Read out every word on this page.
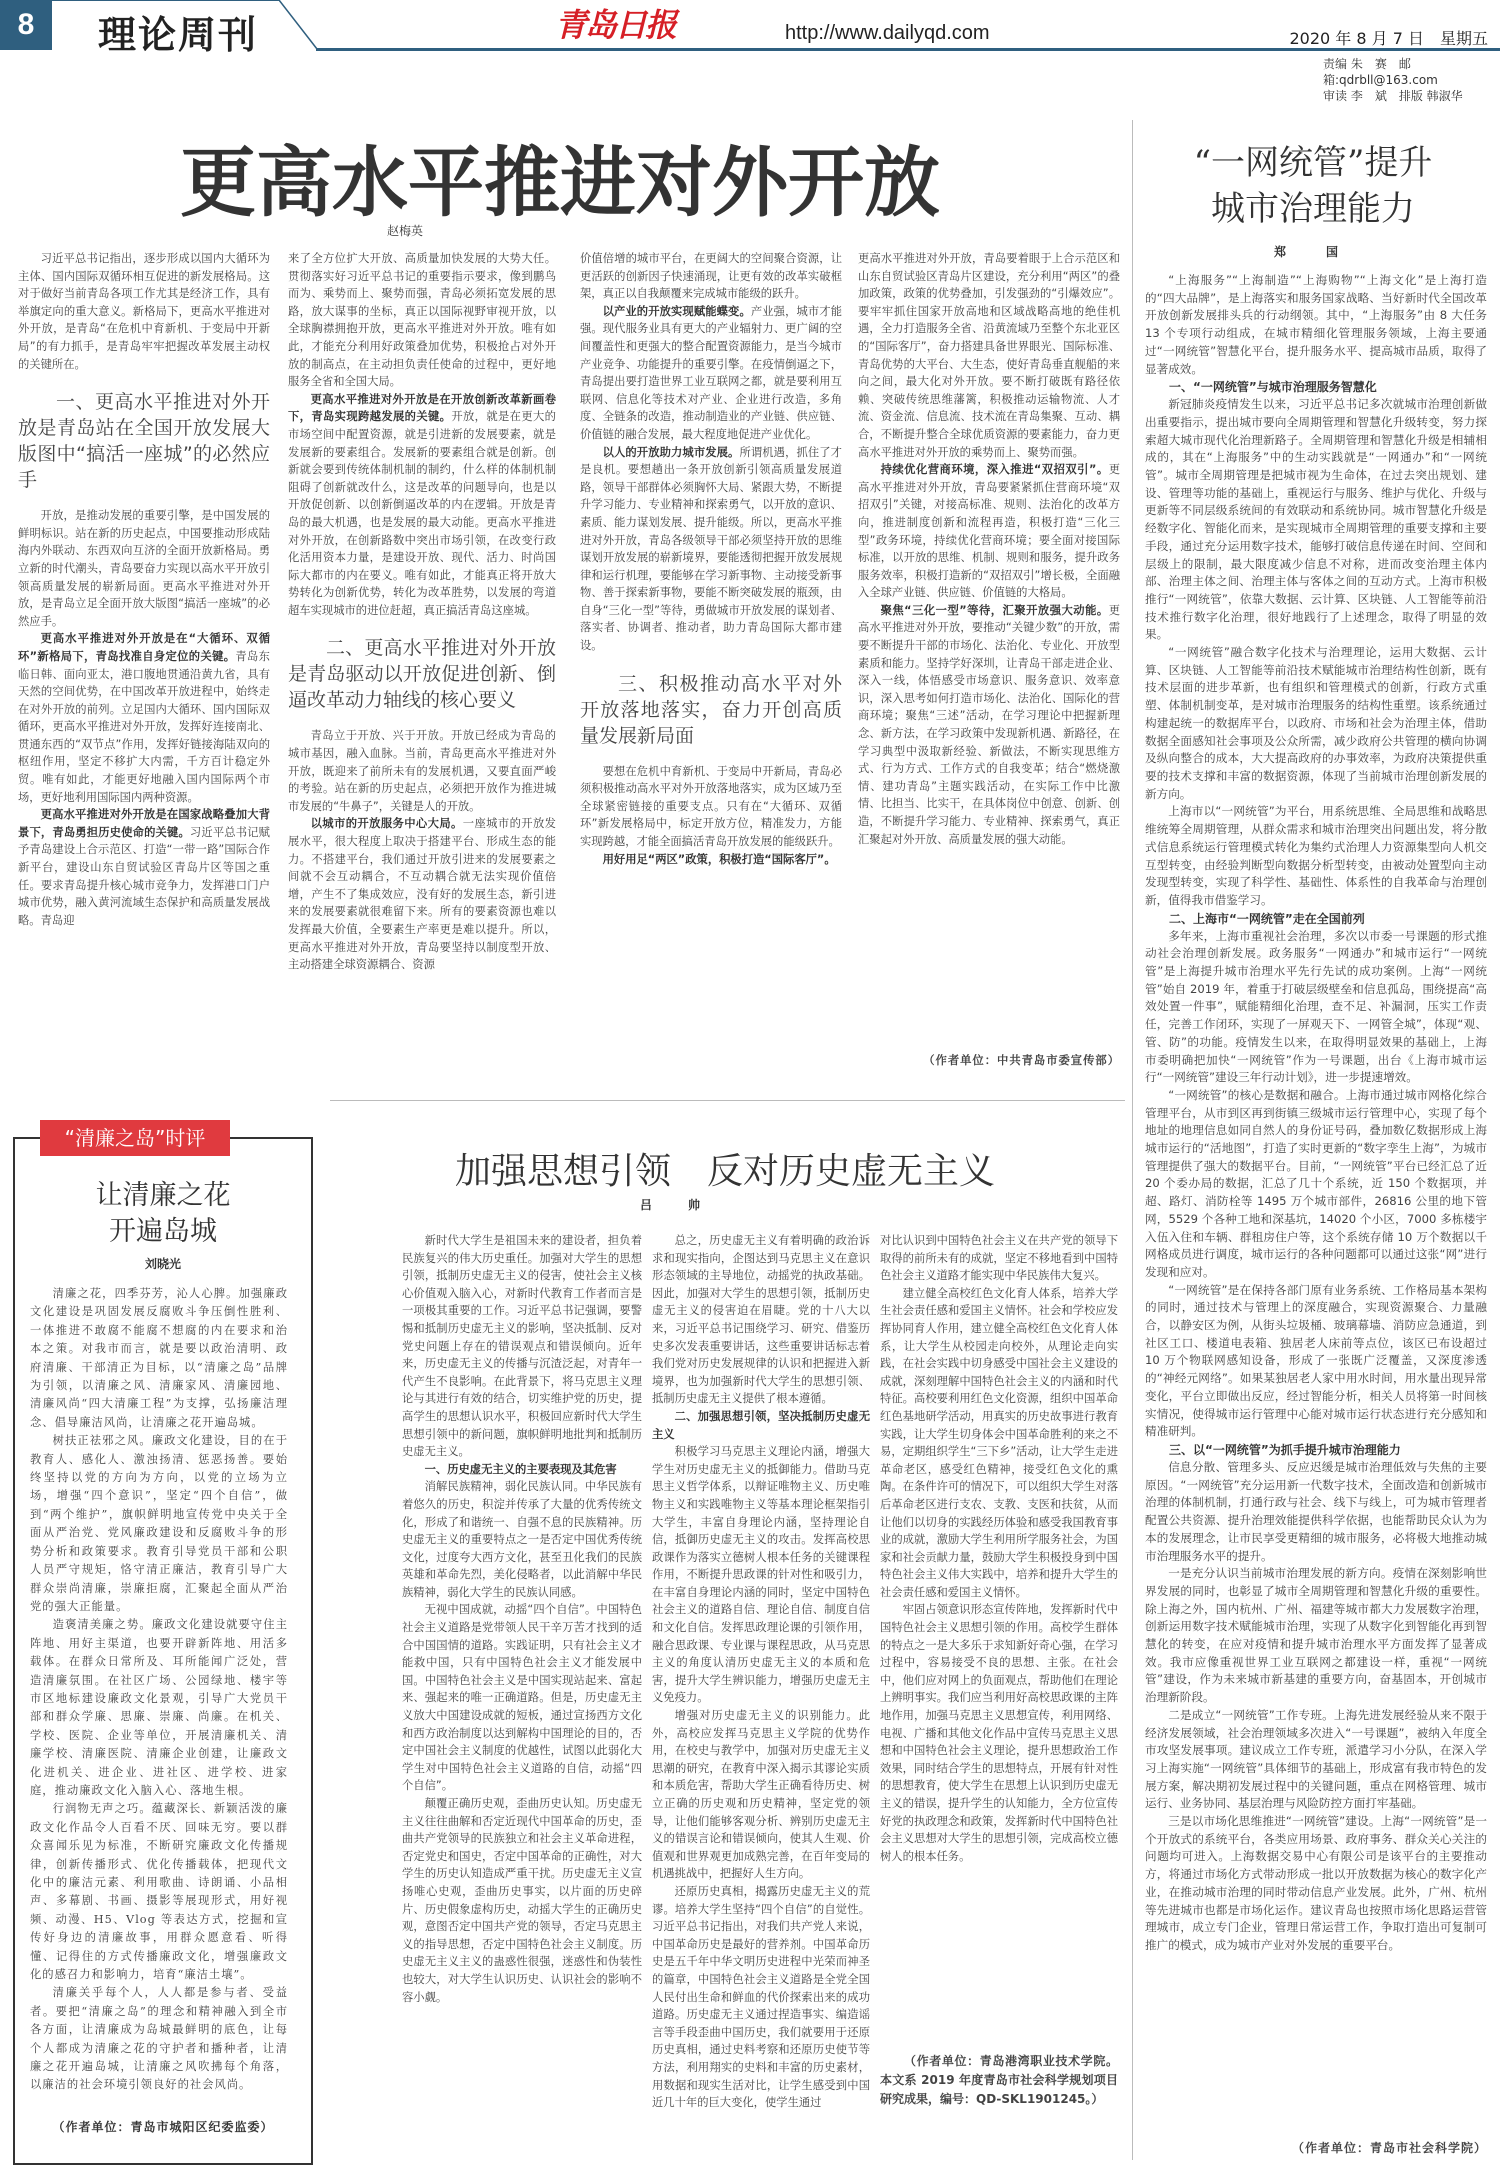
8	理论周刊	青岛日报	http://www.dailyqd.com	2020 年 8 月 7 日　星期五
责编 朱　赛　邮箱:qdrbll@163.com
审读 李　斌　排版 韩淑华
更高水平推进对外开放
赵梅英

习近平总书记指出，逐步形成以国内大循环为主体、国内国际双循环相互促进的新发展格局。这对于做好当前青岛各项工作尤其是经济工作，具有举旗定向的重大意义。新格局下，更高水平推进对外开放，是青岛“在危机中育新机、于变局中开新局”的有力抓手，是青岛牢牢把握改革发展主动权的关键所在。

一、更高水平推进对外开放是青岛站在全国开放发展大版图中“搞活一座城”的必然应手

开放，是推动发展的重要引擎，是中国发展的鲜明标识。站在新的历史起点，中国要推动形成陆海内外联动、东西双向互济的全面开放新格局。勇立新的时代潮头，青岛要奋力实现以高水平开放引领高质量发展的崭新局面。更高水平推进对外开放，是青岛立足全面开放大版图“搞活一座城”的必然应手。

更高水平推进对外开放是在“大循环、双循环”新格局下，青岛找准自身定位的关键。青岛东临日韩、面向亚太，港口腹地贯通沿黄九省，具有天然的空间优势，在中国改革开放进程中，始终走在对外开放的前列。立足国内大循环、国内国际双循环，更高水平推进对外开放，发挥好连接南北、贯通东西的“双节点”作用，发挥好链接海陆双向的枢纽作用，坚定不移扩大内需，千方百计稳定外贸。唯有如此，才能更好地融入国内国际两个市场，更好地利用国际国内两种资源。

更高水平推进对外开放是在国家战略叠加大背景下，青岛勇担历史使命的关键。习近平总书记赋予青岛建设上合示范区、打造“一带一路”国际合作新平台，建设山东自贸试验区青岛片区等国之重任。要求青岛提升核心城市竞争力，发挥港口门户城市优势，融入黄河流域生态保护和高质量发展战略。青岛迎

来了全方位扩大开放、高质量加快发展的大势大任。贯彻落实好习近平总书记的重要指示要求，像到鹏鸟而为、乘势而上、聚势而强，青岛必须拓宽发展的思路，放大谋事的坐标，真正以国际视野审视开放，以全球胸襟拥抱开放，更高水平推进对外开放。唯有如此，才能充分利用好政策叠加优势，积极抢占对外开放的制高点，在主动担负责任使命的过程中，更好地服务全省和全国大局。

更高水平推进对外开放是在开放创新改革新画卷下，青岛实现跨越发展的关键。开放，就是在更大的市场空间中配置资源，就是引进新的发展要素，就是发展新的要素组合。发展新的要素组合就是创新。创新就会要到传统体制机制的制约，什么样的体制机制阻碍了创新就改什么，这是改革的问题导向，也是以开放促创新、以创新倒逼改革的内在逻辑。开放是青岛的最大机遇，也是发展的最大动能。更高水平推进对外开放，在创新路数中突出市场引领，在改变行政化活用资本力量，是建设开放、现代、活力、时尚国际大都市的内在要义。唯有如此，才能真正将开放大势转化为创新优势，转化为改革胜势，以发展的弯道超车实现城市的进位赶超，真正搞活青岛这座城。

二、更高水平推进对外开放是青岛驱动以开放促进创新、倒逼改革动力轴线的核心要义

青岛立于开放、兴于开放。开放已经成为青岛的城市基因，融入血脉。当前，青岛更高水平推进对外开放，既迎来了前所未有的发展机遇，又要直面严峻的考验。站在新的历史起点，必须把开放作为推进城市发展的“牛鼻子”，关键是人的开放。

以城市的开放服务中心大局。一座城市的开放发展水平，很大程度上取决于搭建平台、形成生态的能力。不搭建平台，我们通过开放引进来的发展要素之间就不会互动耦合，不互动耦合就无法实现价值倍增，产生不了集成效应，没有好的发展生态，新引进来的发展要素就很难留下来。所有的要素资源也难以发挥最大价值，全要素生产率更是难以提升。所以，更高水平推进对外开放，青岛要坚持以制度型开放、主动搭建全球资源耦合、资源

价值倍增的城市平台，在更阔大的空间聚合资源，让更活跃的创新因子快速涌现，让更有效的改革实破框架，真正以自我颠覆来完成城市能级的跃升。

以产业的开放实现赋能蝶变。产业强，城市才能强。现代服务业具有更大的产业辐射力、更广阔的空间覆盖性和更强大的整合配置资源能力，是当今城市产业竞争、功能提升的重要引擎。在疫情倒逼之下，青岛提出要打造世界工业互联网之都，就是要利用互联网、信息化等技术对产业、企业进行改造，多角度、全链条的改造，推动制造业的产业链、供应链、价值链的融合发展，最大程度地促进产业优化。

以人的开放助力城市发展。所谓机遇，抓住了才是良机。要想趟出一条开放创新引领高质量发展道路，领导干部群体必须胸怀大局、紧跟大势，不断提升学习能力、专业精神和探索勇气，以开放的意识、素质、能力谋划发展、提升能级。所以，更高水平推进对外开放，青岛各级领导干部必须坚持开放的思维谋划开放发展的崭新境界，要能透彻把握开放发展规律和运行机理，要能够在学习新事物、主动接受新事物、善于探索新事物，要能不断突破发展的瓶颈，由自身“三化一型”等待，勇做城市开放发展的谋划者、落实者、协调者、推动者，助力青岛国际大都市建设。

三、积极推动高水平对外开放落地落实，奋力开创高质量发展新局面

要想在危机中育新机、于变局中开新局，青岛必须积极推动高水平对外开放落地落实，成为区域乃至全球紧密链接的重要支点。只有在“大循环、双循环”新发展格局中，标定开放方位，精准发力，方能实现跨越，才能全面搞活青岛开放发展的能级跃升。

用好用足“两区”政策，积极打造“国际客厅”。

更高水平推进对外开放，青岛要着眼于上合示范区和山东自贸试验区青岛片区建设，充分利用“两区”的叠加政策，政策的优势叠加，引发强劲的“引爆效应”。要牢牢抓住国家开放高地和区域战略高地的绝佳机遇，全力打造服务全省、沿黄流域乃至整个东北亚区的“国际客厅”，奋力搭建具备世界眼光、国际标准、青岛优势的大平台、大生态，使好青岛垂直舰船的来向之间，最大化对外开放。要不断打破既有路径依赖、突破传统思维藩篱，积极推动运输物流、人才流、资金流、信息流、技术流在青岛集聚、互动、耦合，不断提升整合全球优质资源的要素能力，奋力更高水平推进对外开放的乘势而上、聚势而强。

持续优化营商环境，深入推进“双招双引”。更高水平推进对外开放，青岛要紧紧抓住营商环境“双招双引”关键，对接高标准、规则、法治化的改革方向，推进制度创新和流程再造，积极打造“三化三型”政务环境，持续优化营商环境；要全面对接国际标准，以开放的思维、机制、规则和服务，提升政务服务效率，积极打造新的“双招双引”增长极，全面融入全球产业链、供应链、价值链的大格局。

聚焦“三化一型”等待，汇聚开放强大动能。更高水平推进对外开放，要推动“关键少数”的开放，需要不断提升干部的市场化、法治化、专业化、开放型素质和能力。坚持学好深圳，让青岛干部走进企业、深入一线，体悟感受市场意识、服务意识、效率意识，深入思考如何打造市场化、法治化、国际化的营商环境；聚焦“三述”活动，在学习理论中把握新理念、新方法，在学习政策中发现新机遇、新路径，在学习典型中汲取新经验、新做法，不断实现思维方式、行为方式、工作方式的自我变革；结合“燃烧激情、建功青岛”主题实践活动，在实际工作中比激情、比担当、比实干，在具体岗位中创意、创新、创造，不断提升学习能力、专业精神、探索勇气，真正汇聚起对外开放、高质量发展的强大动能。

（作者单位：中共青岛市委宣传部）
“一网统管”提升
城市治理能力
郑　国

“上海服务”“上海制造”“上海购物”“上海文化”是上海打造的“四大品牌”，是上海落实和服务国家战略、当好新时代全国改革开放创新发展排头兵的行动纲领。其中，“上海服务”由 8 大任务 13 个专项行动组成，在城市精细化管理服务领域，上海主要通过“一网统管”智慧化平台，提升服务水平、提高城市品质，取得了显著成效。

一、“一网统管”与城市治理服务智慧化

新冠肺炎疫情发生以来，习近平总书记多次就城市治理创新做出重要指示，提出城市要向全周期管理和智慧化升级转变，努力探索超大城市现代化治理新路子。全周期管理和智慧化升级是相辅相成的，其在“上海服务”中的生动实践就是“一网通办”和“一网统管”。城市全周期管理是把城市视为生命体，在过去突出规划、建设、管理等功能的基础上，重视运行与服务、维护与优化、升级与更新等不同层级系统间的有效联动和系统协同。城市智慧化升级是经数字化、智能化而来，是实现城市全周期管理的重要支撑和主要手段，通过充分运用数字技术，能够打破信息传递在时间、空间和层级上的限制，最大限度减少信息不对称，进而改变治理主体内部、治理主体之间、治理主体与客体之间的互动方式。上海市积极推行“一网统管”，依靠大数据、云计算、区块链、人工智能等前沿技术推行数字化治理，很好地践行了上述理念，取得了明显的效果。

“一网统管”融合数字化技术与治理理论，运用大数据、云计算、区块链、人工智能等前沿技术赋能城市治理结构性创新，既有技术层面的进步革新，也有组织和管理模式的创新，行政方式重塑、体制机制变革，是对城市治理服务的结构性重塑。该系统通过构建起统一的数据库平台，以政府、市场和社会为治理主体，借助数据全面感知社会事项及公众所需，减少政府公共管理的横向协调及纵向整合的成本，大大提高政府的办事效率，为政府决策提供重要的技术支撑和丰富的数据资源，体现了当前城市治理创新发展的新方向。

上海市以“一网统管”为平台，用系统思维、全局思维和战略思维统筹全周期管理，从群众需求和城市治理突出问题出发，将分散式信息系统运行管理模式转化为集约式治理人力资源集型向人机交互型转变，由经验判断型向数据分析型转变，由被动处置型向主动发现型转变，实现了科学性、基础性、体系性的自我革命与治理创新，值得我市借鉴学习。

二、上海市“一网统管”走在全国前列

多年来，上海市重视社会治理，多次以市委一号课题的形式推动社会治理创新发展。政务服务“一网通办”和城市运行“一网统管”是上海提升城市治理水平先行先试的成功案例。上海“一网统管”始自 2019 年，着重于打破层级壁垒和信息孤岛，围绕提高“高效处置一件事”，赋能精细化治理，查不足、补漏洞，压实工作责任，完善工作闭环，实现了一屏观天下、一网管全城”，体现“观、管、防”的功能。疫情发生以来，在取得明显效果的基础上，上海市委明确把加快“一网统管”作为一号课题，出台《上海市城市运行“一网统管”建设三年行动计划》，进一步提速增效。

“一网统管”的核心是数据和融合。上海市通过城市网格化综合管理平台，从市到区再到街镇三级城市运行管理中心，实现了每个地址的地理信息如同自然人的身份证号码，叠加数亿数据形成上海城市运行的“活地图”，打造了实时更新的“数字孪生上海”，为城市管理提供了强大的数据平台。目前，“一网统管”平台已经汇总了近 20 个委办局的数据，汇总了几十个系统，近 150 个数据项，并超、路灯、消防栓等 1495 万个城市部件，26816 公里的地下管网，5529 个各种工地和深基坑，14020 个小区，7000 多栋楼宇入伍入住和车辆、群租房住户等，这个系统存储 10 万个数据以千网格成员进行调度，城市运行的各种问题都可以通过这张“网”进行发现和应对。

“一网统管”是在保持各部门原有业务系统、工作格局基本架构的同时，通过技术与管理上的深度融合，实现资源聚合、力量融合，以静安区为例，从街头垃圾桶、玻璃幕墙、消防应急通道，到社区工口、楼道电表箱、独居老人床前等点位，该区已布设超过 10 万个物联网感知设备，形成了一张既广泛覆盖，又深度渗透的“神经元网络”。如果某独居老人家中用水时间，用水量出现异常变化，平台立即做出反应，经过智能分析，相关人员将第一时间核实情况，使得城市运行管理中心能对城市运行状态进行充分感知和精准研判。

三、以“一网统管”为抓手提升城市治理能力

信息分散、管理多头、反应迟缓是城市治理低效与失焦的主要原因。“一网统管”充分运用新一代数字技术，全面改造和创新城市治理的体制机制，打通行政与社会、线下与线上，可为城市管理者配置公共资源、提升治理效能提供科学依据，也能帮助民众认为为本的发展理念，让市民享受更精细的城市服务，必将极大地推动城市治理服务水平的提升。

一是充分认识当前城市治理发展的新方向。疫情在深刻影响世界发展的同时，也彰显了城市全周期管理和智慧化升级的重要性。除上海之外，国内杭州、广州、福建等城市都大力发展数字治理，创新运用数字技术赋能城市治理，实现了从数字化到智能化再到智慧化的转变，在应对疫情和提升城市治理水平方面发挥了显著成效。我市应像重视世界工业互联网之都建设一样，重视“一网统管”建设，作为未来城市新基建的重要方向，奋基固本，开创城市治理新阶段。

二是成立“一网统管”工作专班。上海先进发展经验从来不限于经济发展领域，社会治理领域多次进入“一号课题”，被纳入年度全市攻坚发展事项。建议成立工作专班，派遣学习小分队，在深入学习上海实施“一网统管”具体细节的基础上，形成富有我市特色的发展方案，解决期初发展过程中的关键问题，重点在网格管理、城市运行、业务协同、基层治理与风险防控方面打牢基础。

三是以市场化思维推进“一网统管”建设。上海“一网统管”是一个开放式的系统平台，各类应用场景、政府事务、群众关心关注的问题均可进入。上海数据交易中心有限公司是该平台的主要推动方，将通过市场化方式带动形成一批以开放数据为核心的数字化产业，在推动城市治理的同时带动信息产业发展。此外，广州、杭州等先进城市也都是市场化运作。建议青岛也按照市场化思路运营管理城市，成立专门企业，管理日常运营工作，争取打造出可复制可推广的模式，成为城市产业对外发展的重要平台。

（作者单位：青岛市社会科学院）
“清廉之岛”时评
让清廉之花
开遍岛城
刘晓光

清廉之花，四季芬芳，沁人心脾。加强廉政文化建设是巩固发展反腐败斗争压倒性胜利、一体推进不敢腐不能腐不想腐的内在要求和治本之策。对我市而言，就是要以政治清明、政府清廉、干部清正为目标，以“清廉之岛”品牌为引领，以清廉之风、清廉家风、清廉园地、清廉风尚“四大清廉工程”为支撑，弘扬廉洁理念、倡导廉洁风尚，让清廉之花开遍岛城。

树扶正祛邪之风。廉政文化建设，目的在于教育人、感化人、激浊扬清、惩恶扬善。要始终坚持以党的方向为方向，以党的立场为立场，增强“四个意识”，坚定“四个自信”，做到“两个维护”，旗帜鲜明地宣传党中央关于全面从严治党、党风廉政建设和反腐败斗争的形势分析和政策要求。教育引导党员干部和公职人员严守规矩，恪守清正廉洁，教育引导广大群众崇尚清廉，崇廉拒腐，汇聚起全面从严治党的强大正能量。

造褒清美廉之势。廉政文化建设就要守住主阵地、用好主渠道，也要开辟新阵地、用活多载体。在群众日常所及、耳所能闻广泛处，营造清廉氛围。在社区广场、公园绿地、楼宇等市区地标建设廉政文化景观，引导广大党员干部和群众学廉、思廉、崇廉、尚廉。在机关、学校、医院、企业等单位，开展清廉机关、清廉学校、清廉医院、清廉企业创建，让廉政文化进机关、进企业、进社区、进学校、进家庭，推动廉政文化入脑入心、落地生根。

行润物无声之巧。蕴藏深长、新颖活泼的廉政文化作品令人百看不厌、回味无穷。要以群众喜闻乐见为标准，不断研究廉政文化传播规律，创新传播形式、优化传播载体，把现代文化中的廉洁元素、利用歌曲、诗朗诵、小品相声、多幕剧、书画、摄影等展现形式，用好视频、动漫、H5、Vlog 等表达方式，挖掘和宣传好身边的清廉故事，用群众愿意看、听得懂、记得住的方式传播廉政文化，增强廉政文化的感召力和影响力，培育“廉洁土壤”。

清廉关乎每个人，人人都是参与者、受益者。要把“清廉之岛”的理念和精神融入到全市各方面，让清廉成为岛城最鲜明的底色，让每个人都成为清廉之花的守护者和播种者，让清廉之花开遍岛城，让清廉之风吹拂每个角落，以廉洁的社会环境引领良好的社会风尚。

（作者单位：青岛市城阳区纪委监委）
加强思想引领　反对历史虚无主义
吕　帅

新时代大学生是祖国未来的建设者，担负着民族复兴的伟大历史重任。加强对大学生的思想引领，抵制历史虚无主义的侵害，使社会主义核心价值观入脑入心，对新时代教育工作者而言是一项极其重要的工作。习近平总书记强调，要警惕和抵制历史虚无主义的影响，坚决抵制、反对党史问题上存在的错误观点和错误倾向。近年来，历史虚无主义的传播与沉渣泛起，对青年一代产生不良影响。在此背景下，将马克思主义理论与其进行有效的结合，切实维护党的历史，提高学生的思想认识水平，积极回应新时代大学生思想引领中的新问题，旗帜鲜明地批判和抵制历史虚无主义。

一、历史虚无主义的主要表现及其危害

消解民族精神，弱化民族认同。中华民族有着悠久的历史，积淀并传承了大量的优秀传统文化，形成了和谐统一、自强不息的民族精神。历史虚无主义的重要特点之一是否定中国优秀传统文化，过度夸大西方文化，甚至丑化我们的民族英雄和革命先烈，美化侵略者，以此消解中华民族精神，弱化大学生的民族认同感。

无视中国成就，动摇“四个自信”。中国特色社会主义道路是党带领人民干辛万苦才找到的适合中国国情的道路。实践证明，只有社会主义才能救中国，只有中国特色社会主义才能发展中国。中国特色社会主义是中国实现站起来、富起来、强起来的唯一正确道路。但是，历史虚无主义放大中国建设成就的短板，通过宣扬西方文化和西方政治制度以达到解构中国理论的目的，否定中国社会主义制度的优越性，试图以此弱化大学生对中国特色社会主义道路的自信，动摇“四个自信”。

颠覆正确历史观，歪曲历史认知。历史虚无主义往往曲解和否定近现代中国革命的历史，歪曲共产党领导的民族独立和社会主义革命进程，否定党史和国史，否定中国革命的正确性，对大学生的历史认知造成严重干扰。历史虚无主义宣扬唯心史观，歪曲历史事实，以片面的历史碎片、历史假象虚构历史，动摇大学生的正确历史观，意图否定中国共产党的领导，否定马克思主义的指导思想，否定中国特色社会主义制度。历史虚无主义主义的蛊惑性很强，迷惑性和伪装性也较大，对大学生认识历史、认识社会的影响不容小觑。

总之，历史虚无主义有着明确的政治诉求和现实指向，企图达到马克思主义在意识形态领域的主导地位，动摇党的执政基础。因此，加强对大学生的思想引领，抵制历史虚无主义的侵害迫在眉睫。党的十八大以来，习近平总书记围绕学习、研究、借鉴历史多次发表重要讲话，这些重要讲话标志着我们党对历史发展规律的认识和把握进入新境界，也为加强新时代大学生的思想引领、抵制历史虚无主义提供了根本遵循。

二、加强思想引领，坚决抵制历史虚无主义

积极学习马克思主义理论内涵，增强大学生对历史虚无主义的抵御能力。借助马克思主义哲学体系，以辩证唯物主义、历史唯物主义和实践唯物主义等基本理论框架指引大学生，丰富自身理论内涵，坚持理论自信，抵御历史虚无主义的攻击。发挥高校思政课作为落实立德树人根本任务的关键课程作用，不断提升思政课的针对性和吸引力，在丰富自身理论内涵的同时，坚定中国特色社会主义的道路自信、理论自信、制度自信和文化自信。发挥思政理论课的引领作用，融合思政课、专业课与课程思政，从马克思主义的角度认清历史虚无主义的本质和危害，提升大学生辨识能力，增强历史虚无主义免疫力。

增强对历史虚无主义的识别能力。此外，高校应发挥马克思主义学院的优势作用，在校史与教学中，加强对历史虚无主义思潮的研究，在教育中深入揭示其谬论实质和本质危害，帮助大学生正确看待历史、树立正确的历史观和历史精神，坚定党的领导，让他们能够客观分析、辨别历史虚无主义的错误言论和错误倾向，使其人生观、价值观和世界观更加成熟完善，在百年变局的机遇挑战中，把握好人生方向。

还原历史真相，揭露历史虚无主义的荒谬。培养大学生坚持“四个自信”的自觉性。习近平总书记指出，对我们共产党人来说，中国革命历史是最好的营养剂。中国革命历史是五千年中华文明历史进程中光荣而神圣的篇章，中国特色社会主义道路是全党全国人民付出生命和鲜血的代价探索出来的成功道路。历史虚无主义通过捏造事实、编造谣言等手段歪曲中国历史，我们就要用于还原历史真相，通过史料考察和还原历史使节等方法，利用翔实的史料和丰富的历史素材，用数据和现实生活对比，让学生感受到中国近几十年的巨大变化，使学生通过

对比认识到中国特色社会主义在共产党的领导下取得的前所未有的成就，坚定不移地看到中国特色社会主义道路才能实现中华民族伟大复兴。

建立健全高校红色文化育人体系，培养大学生社会责任感和爱国主义情怀。社会和学校应发挥协同育人作用，建立健全高校红色文化育人体系，让大学生从校园走向校外，从理论走向实践，在社会实践中切身感受中国社会主义建设的成就，深刻理解中国特色社会主义的内涵和时代特征。高校要利用红色文化资源，组织中国革命红色基地研学活动，用真实的历史故事进行教育实践，让大学生切身体会中国革命胜利的来之不易，定期组织学生“三下乡”活动，让大学生走进革命老区，感受红色精神，接受红色文化的熏陶。在条件许可的情况下，可以组织大学生对落后革命老区进行支农、支教、支医和扶贫，从而让他们以切身的实践经历体验和感受我国教育事业的成就，激励大学生利用所学服务社会，为国家和社会贡献力量，鼓励大学生积极投身到中国特色社会主义伟大实践中，培养和提升大学生的社会责任感和爱国主义情怀。

牢固占领意识形态宣传阵地，发挥新时代中国特色社会主义思想引领的作用。高校学生群体的特点之一是大多乐于求知新好奇心强，在学习过程中，容易接受不良的思想、主张。在社会中，他们应对网上的负面观点，帮助他们在理论上辨明事实。我们应当利用好高校思政课的主阵地作用，加强马克思主义思想宣传，利用网络、电视、广播和其他文化作品中宣传马克思主义思想和中国特色社会主义理论，提升思想政治工作效果，同时结合学生的思想特点，开展有针对性的思想教育，使大学生在思想上认识到历史虚无主义的错误，提升学生的认知能力，全方位宣传好党的执政理念和政策，发挥新时代中国特色社会主义思想对大学生的思想引领，完成高校立德树人的根本任务。

（作者单位：青岛港湾职业技术学院。本文系 2019 年度青岛市社会科学规划项目研究成果，编号：QD-SKL1901245。）
